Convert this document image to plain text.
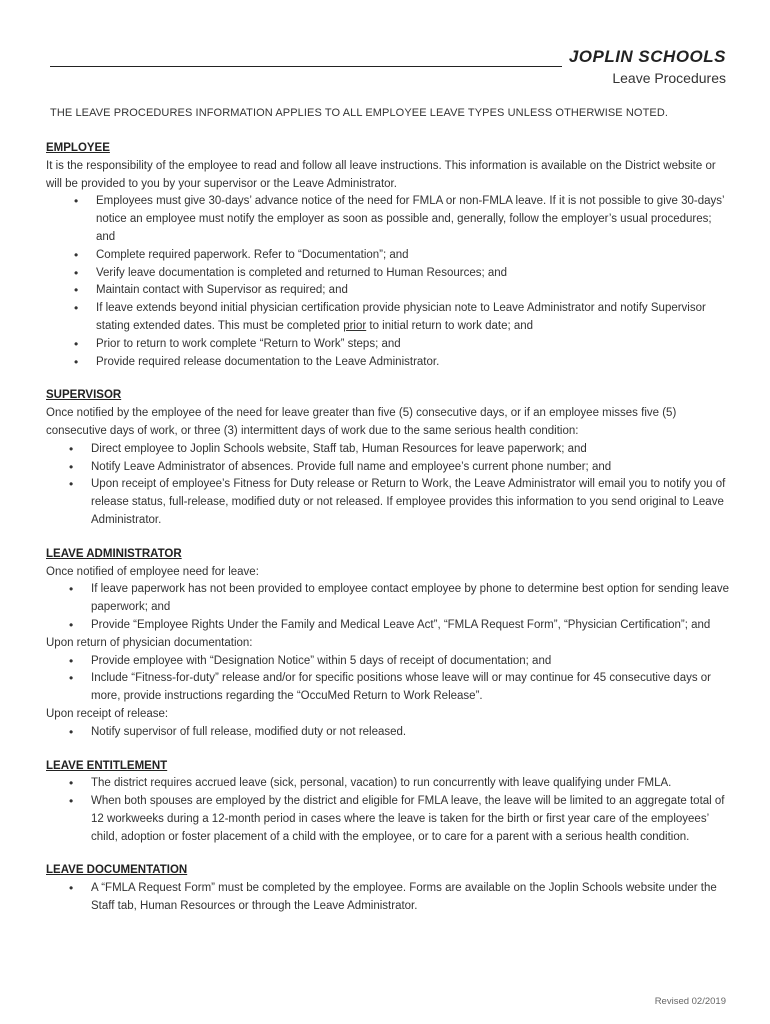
JOPLIN SCHOOLS
Leave Procedures
THE LEAVE PROCEDURES INFORMATION APPLIES TO ALL EMPLOYEE LEAVE TYPES UNLESS OTHERWISE NOTED.
EMPLOYEE

It is the responsibility of the employee to read and follow all leave instructions. This information is available on the District website or will be provided to you by your supervisor or the Leave Administrator.

• Employees must give 30-days’ advance notice of the need for FMLA or non-FMLA leave. If it is not possible to give 30-days’ notice an employee must notify the employer as soon as possible and, generally, follow the employer’s usual procedures; and
• Complete required paperwork. Refer to “Documentation”; and
• Verify leave documentation is completed and returned to Human Resources; and
• Maintain contact with Supervisor as required; and
• If leave extends beyond initial physician certification provide physician note to Leave Administrator and notify Supervisor stating extended dates. This must be completed prior to initial return to work date; and
• Prior to return to work complete “Return to Work” steps; and
• Provide required release documentation to the Leave Administrator.
SUPERVISOR

Once notified by the employee of the need for leave greater than five (5) consecutive days, or if an employee misses five (5) consecutive days of work, or three (3) intermittent days of work due to the same serious health condition:

• Direct employee to Joplin Schools website, Staff tab, Human Resources for leave paperwork; and
• Notify Leave Administrator of absences. Provide full name and employee’s current phone number; and
• Upon receipt of employee’s Fitness for Duty release or Return to Work, the Leave Administrator will email you to notify you of release status, full-release, modified duty or not released. If employee provides this information to you send original to Leave Administrator.
LEAVE ADMINISTRATOR

Once notified of employee need for leave:

• If leave paperwork has not been provided to employee contact employee by phone to determine best option for sending leave paperwork; and
• Provide “Employee Rights Under the Family and Medical Leave Act”, “FMLA Request Form”, “Physician Certification”; and

Upon return of physician documentation:

• Provide employee with “Designation Notice” within 5 days of receipt of documentation; and
• Include “Fitness-for-duty” release and/or for specific positions whose leave will or may continue for 45 consecutive days or more, provide instructions regarding the “OccuMed Return to Work Release”.

Upon receipt of release:

• Notify supervisor of full release, modified duty or not released.
LEAVE ENTITLEMENT
• The district requires accrued leave (sick, personal, vacation) to run concurrently with leave qualifying under FMLA.
• When both spouses are employed by the district and eligible for FMLA leave, the leave will be limited to an aggregate total of 12 workweeks during a 12-month period in cases where the leave is taken for the birth or first year care of the employees’ child, adoption or foster placement of a child with the employee, or to care for a parent with a serious health condition.
LEAVE DOCUMENTATION
• A “FMLA Request Form” must be completed by the employee. Forms are available on the Joplin Schools website under the Staff tab, Human Resources or through the Leave Administrator.
Revised 02/2019
